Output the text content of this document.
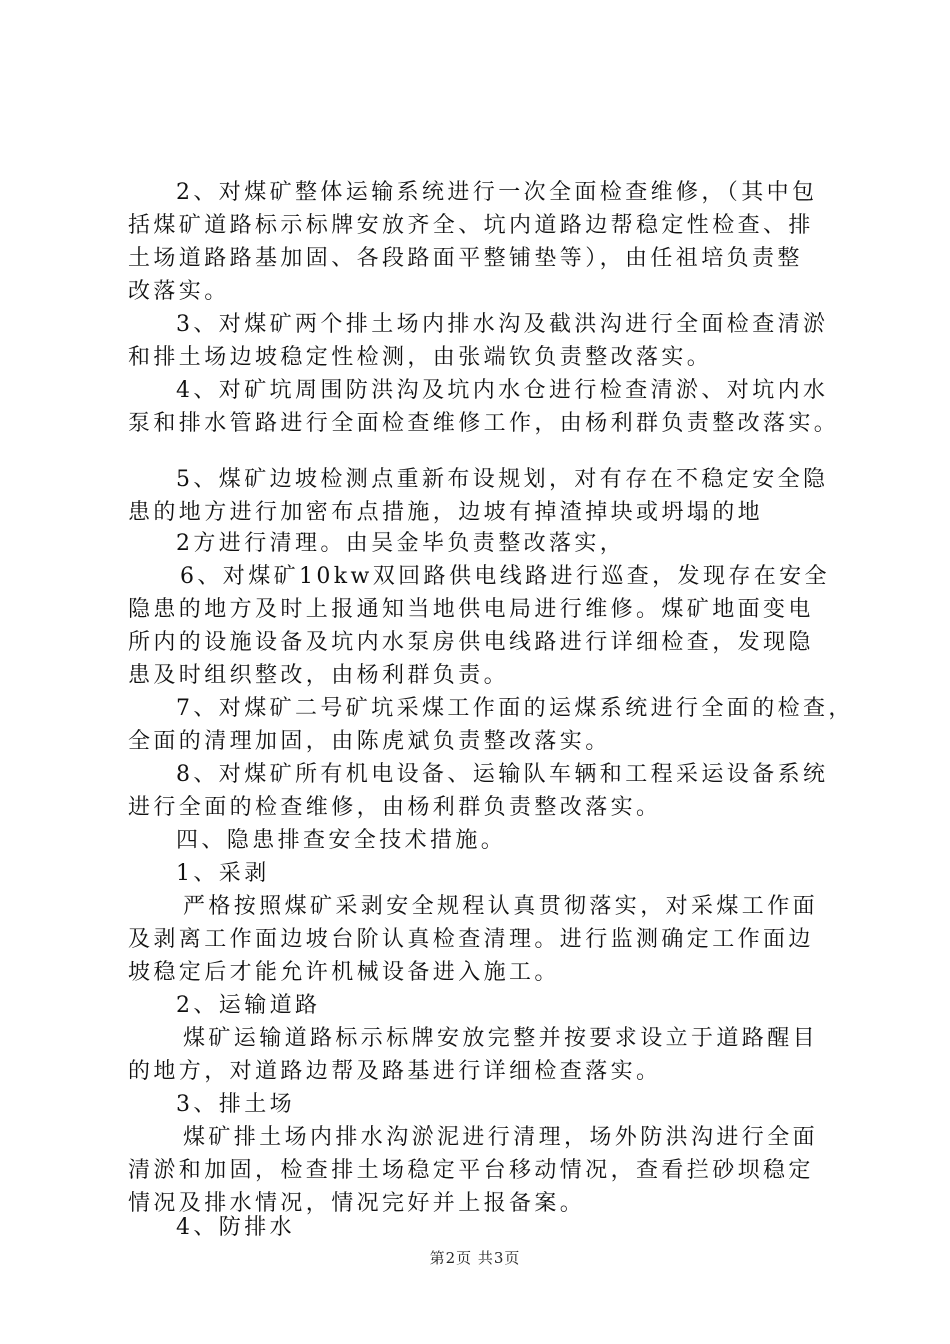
2、对煤矿整体运输系统进行一次全面检查维修，（其中包
括煤矿道路标示标牌安放齐全、坑内道路边帮稳定性检查、排
土场道路路基加固、各段路面平整铺垫等），由任祖培负责整
改落实。
3、对煤矿两个排土场内排水沟及截洪沟进行全面检查清淤
和排土场边坡稳定性检测，由张端钦负责整改落实。
4、对矿坑周围防洪沟及坑内水仓进行检查清淤、对坑内水
泵和排水管路进行全面检查维修工作，由杨利群负责整改落实。
5、煤矿边坡检测点重新布设规划，对有存在不稳定安全隐
患的地方进行加密布点措施，边坡有掉渣掉块或坍塌的地
2方进行清理。由吴金毕负责整改落实，
6、对煤矿10kw双回路供电线路进行巡查，发现存在安全
隐患的地方及时上报通知当地供电局进行维修。煤矿地面变电
所内的设施设备及坑内水泵房供电线路进行详细检查，发现隐
患及时组织整改，由杨利群负责。
7、对煤矿二号矿坑采煤工作面的运煤系统进行全面的检查，
全面的清理加固，由陈虎斌负责整改落实。
8、对煤矿所有机电设备、运输队车辆和工程采运设备系统
进行全面的检查维修，由杨利群负责整改落实。
四、隐患排查安全技术措施。
1、采剥
严格按照煤矿采剥安全规程认真贯彻落实，对采煤工作面
及剥离工作面边坡台阶认真检查清理。进行监测确定工作面边
坡稳定后才能允许机械设备进入施工。
2、运输道路
煤矿运输道路标示标牌安放完整并按要求设立于道路醒目
的地方，对道路边帮及路基进行详细检查落实。
3、排土场
煤矿排土场内排水沟淤泥进行清理，场外防洪沟进行全面
清淤和加固，检查排土场稳定平台移动情况，查看拦砂坝稳定
情况及排水情况，情况完好并上报备案。
4、防排水
第2页 共3页
